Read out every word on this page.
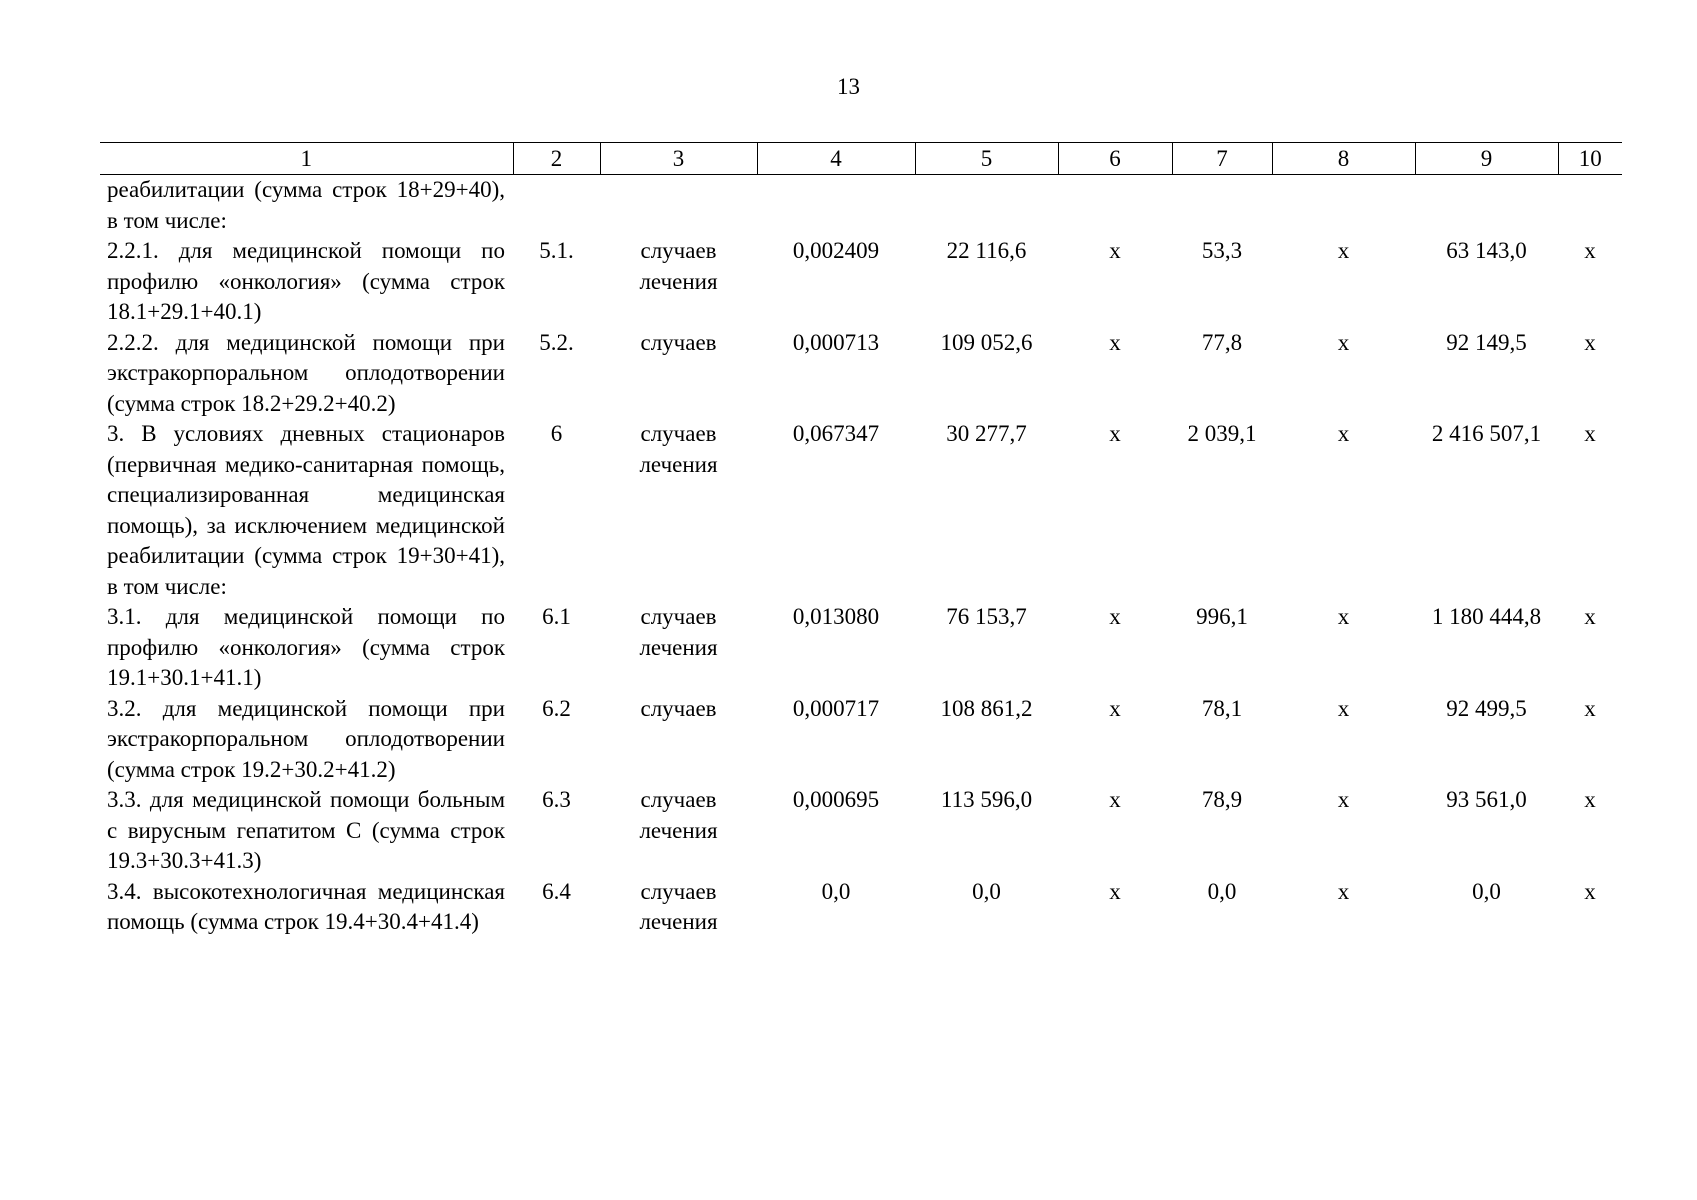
13
1	2	3	4	5	6	7	8	9	10
реабилитации (сумма строк 18+29+40), в том числе:									
2.2.1. для медицинской помощи по профилю «онкология» (сумма строк 18.1+29.1+40.1)	5.1.	случаев лечения	0,002409	22 116,6	х	53,3	х	63 143,0	х
2.2.2. для медицинской помощи при экстракорпоральном оплодотворении (сумма строк 18.2+29.2+40.2)	5.2.	случаев	0,000713	109 052,6	х	77,8	х	92 149,5	х
3. В условиях дневных стационаров (первичная медико-санитарная помощь, специализированная медицинская помощь), за исключением медицинской реабилитации (сумма строк 19+30+41), в том числе:	6	случаев лечения	0,067347	30 277,7	х	2 039,1	х	2 416 507,1	х
3.1. для медицинской помощи по профилю «онкология» (сумма строк 19.1+30.1+41.1)	6.1	случаев лечения	0,013080	76 153,7	х	996,1	х	1 180 444,8	х
3.2. для медицинской помощи при экстракорпоральном оплодотворении (сумма строк 19.2+30.2+41.2)	6.2	случаев	0,000717	108 861,2	х	78,1	х	92 499,5	х
3.3. для медицинской помощи больным с вирусным гепатитом С (сумма строк 19.3+30.3+41.3)	6.3	случаев лечения	0,000695	113 596,0	х	78,9	х	93 561,0	х
3.4. высокотехнологичная медицинская помощь (сумма строк 19.4+30.4+41.4)	6.4	случаев лечения	0,0	0,0	х	0,0	х	0,0	х
